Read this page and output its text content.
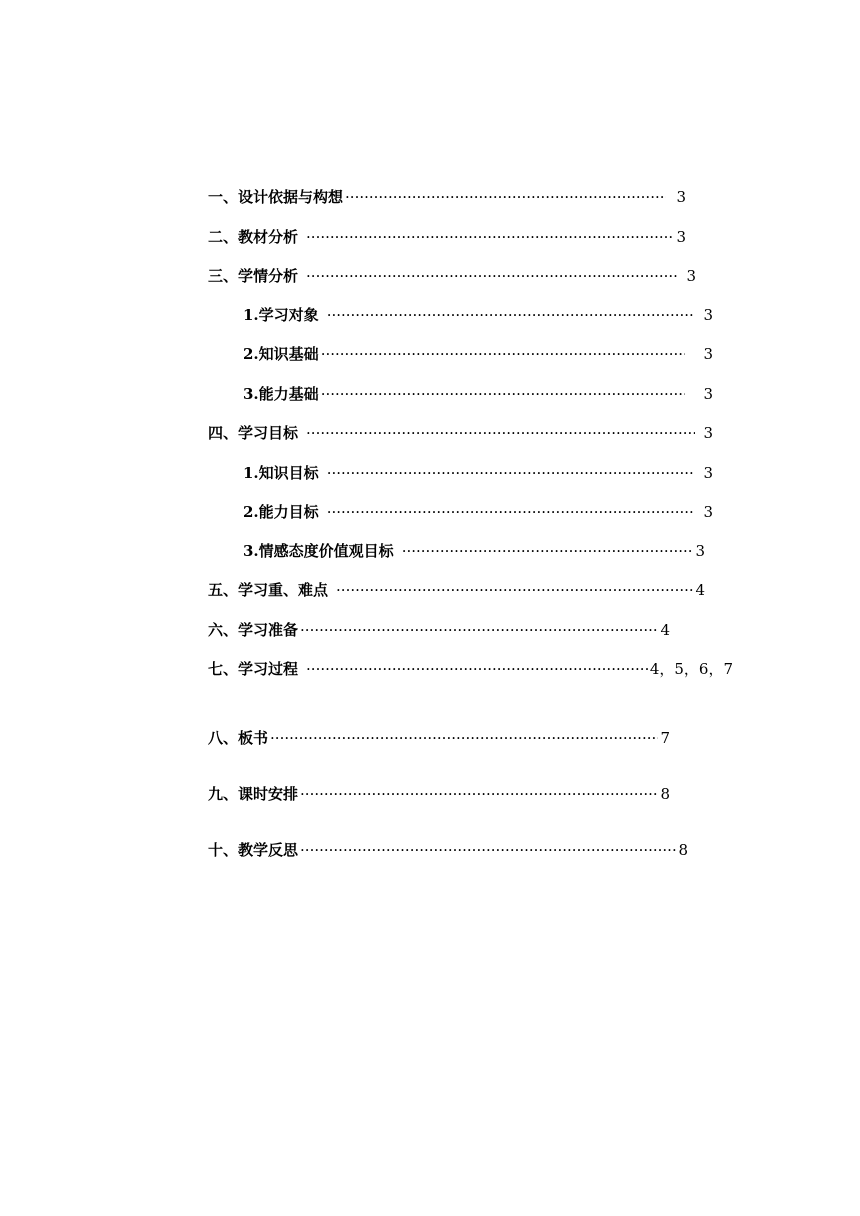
一、 设计依据与构想 ·····	3
二、 教材分析 ·····	3
三、 学情分析 ·····	3
1. 学习对象 ·····	3
2. 知识基础 ·····	3
3. 能力基础 ·····	3
四、 学习目标 ·····	3
1. 知识目标 ·····	3
2. 能力目标 ·····	3
3. 情感态度价值观目标 ·····	3
五、 学习重、难点 ·····	4
六、 学习准备 ·····	4
七、 学习过程 ·····	4，5，6，7
八、 板书 ·····	7
九、 课时安排 ·····	8
十、 教学反思 ·····	8
